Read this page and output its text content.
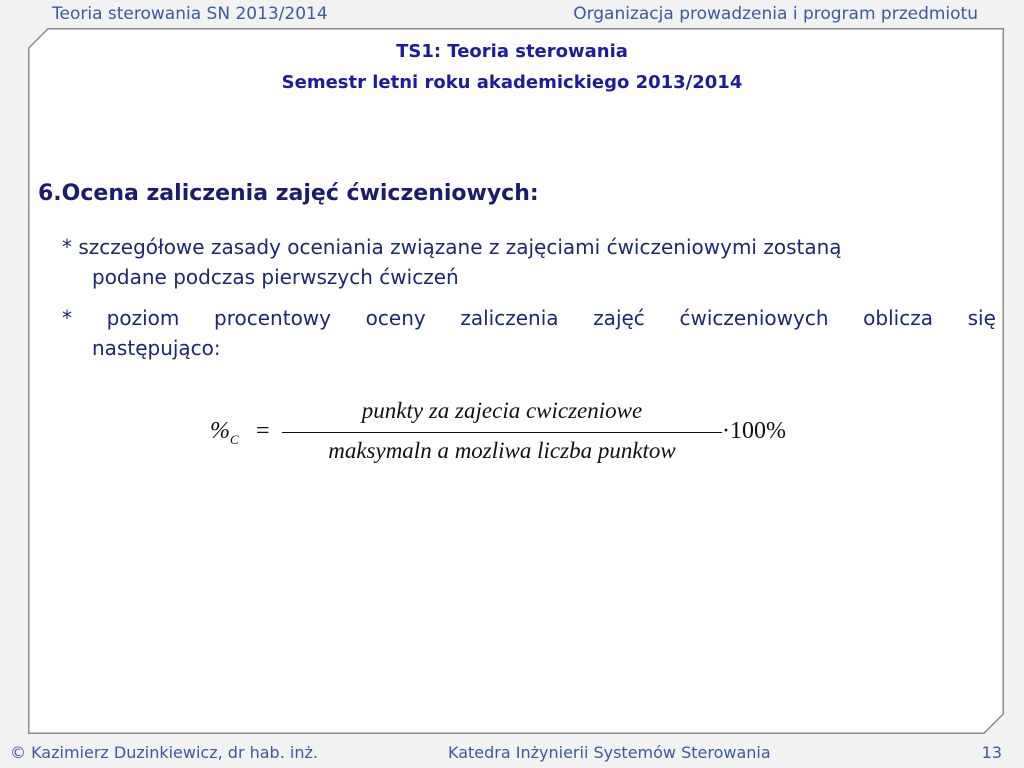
Teoria sterowania SN 2013/2014	Organizacja prowadzenia i program przedmiotu
TS1: Teoria sterowania
Semestr letni roku akademickiego 2013/2014
6.Ocena zaliczenia zajęć ćwiczeniowych:
* szczegółowe zasady oceniania związane z zajęciami ćwiczeniowymi zostaną
podane podczas pierwszych ćwiczeń
* poziom procentowy oceny zaliczenia zajęć ćwiczeniowych oblicza się
następująco:
$\%_C$ =
punkty za zajecia cwiczeniowe
maksymaln a mozliwa liczba punktow
·100%
© Kazimierz Duzinkiewicz, dr hab. inż.	Katedra Inżynierii Systemów Sterowania	13
